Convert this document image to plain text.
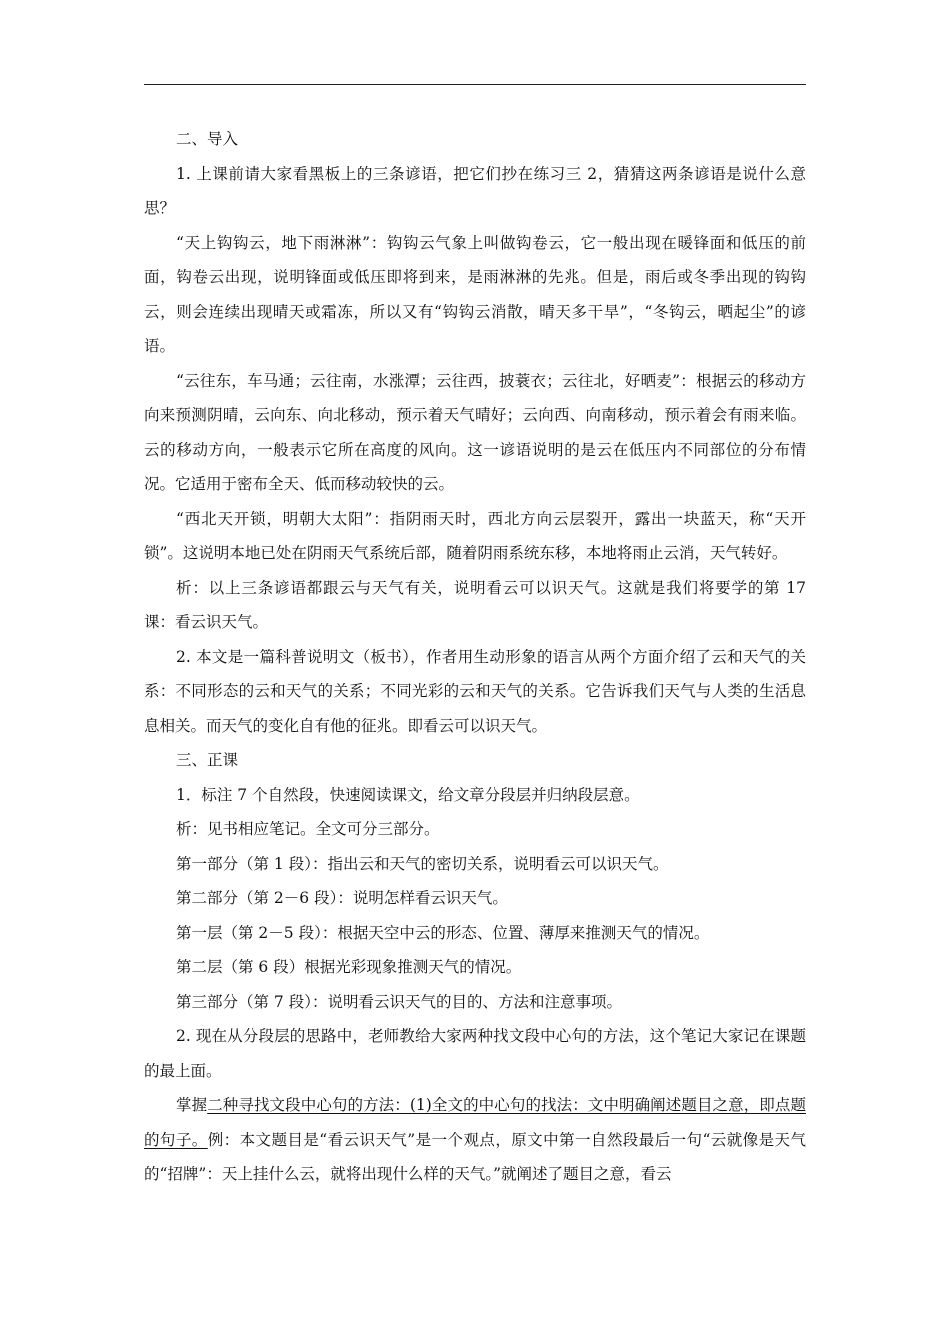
二、导入

1. 上课前请大家看黑板上的三条谚语，把它们抄在练习三 2，猜猜这两条谚语是说什么意思？

“天上钩钩云，地下雨淋淋”：钩钩云气象上叫做钩卷云，它一般出现在暖锋面和低压的前面，钩卷云出现，说明锋面或低压即将到来，是雨淋淋的先兆。但是，雨后或冬季出现的钩钩云，则会连续出现晴天或霜冻，所以又有“钩钩云消散，晴天多干旱”，“冬钩云，晒起尘”的谚语。

“云往东，车马通；云往南，水涨潭；云往西，披蓑衣；云往北，好晒麦”：根据云的移动方向来预测阴晴，云向东、向北移动，预示着天气晴好；云向西、向南移动，预示着会有雨来临。云的移动方向，一般表示它所在高度的风向。这一谚语说明的是云在低压内不同部位的分布情况。它适用于密布全天、低而移动较快的云。

“西北天开锁，明朝大太阳”：指阴雨天时，西北方向云层裂开，露出一块蓝天，称“天开锁”。这说明本地已处在阴雨天气系统后部，随着阴雨系统东移，本地将雨止云消，天气转好。

析：以上三条谚语都跟云与天气有关，说明看云可以识天气。这就是我们将要学的第 17 课：看云识天气。

2. 本文是一篇科普说明文（板书），作者用生动形象的语言从两个方面介绍了云和天气的关系：不同形态的云和天气的关系；不同光彩的云和天气的关系。它告诉我们天气与人类的生活息息相关。而天气的变化自有他的征兆。即看云可以识天气。

三、正课

1．标注 7 个自然段，快速阅读课文，给文章分段层并归纳段层意。

析：见书相应笔记。全文可分三部分。

第一部分（第 1 段）：指出云和天气的密切关系，说明看云可以识天气。

第二部分（第 2－6 段）：说明怎样看云识天气。

第一层（第 2－5 段）：根据天空中云的形态、位置、薄厚来推测天气的情况。

第二层（第 6 段）根据光彩现象推测天气的情况。

第三部分（第 7 段）：说明看云识天气的目的、方法和注意事项。

2. 现在从分段层的思路中，老师教给大家两种找文段中心句的方法，这个笔记大家记在课题的最上面。

掌握二种寻找文段中心句的方法：(1)全文的中心句的找法：文中明确阐述题目之意，即点题的句子。例：本文题目是“看云识天气”是一个观点，原文中第一自然段最后一句“云就像是天气的“招牌”：天上挂什么云，就将出现什么样的天气。”就阐述了题目之意，看云
